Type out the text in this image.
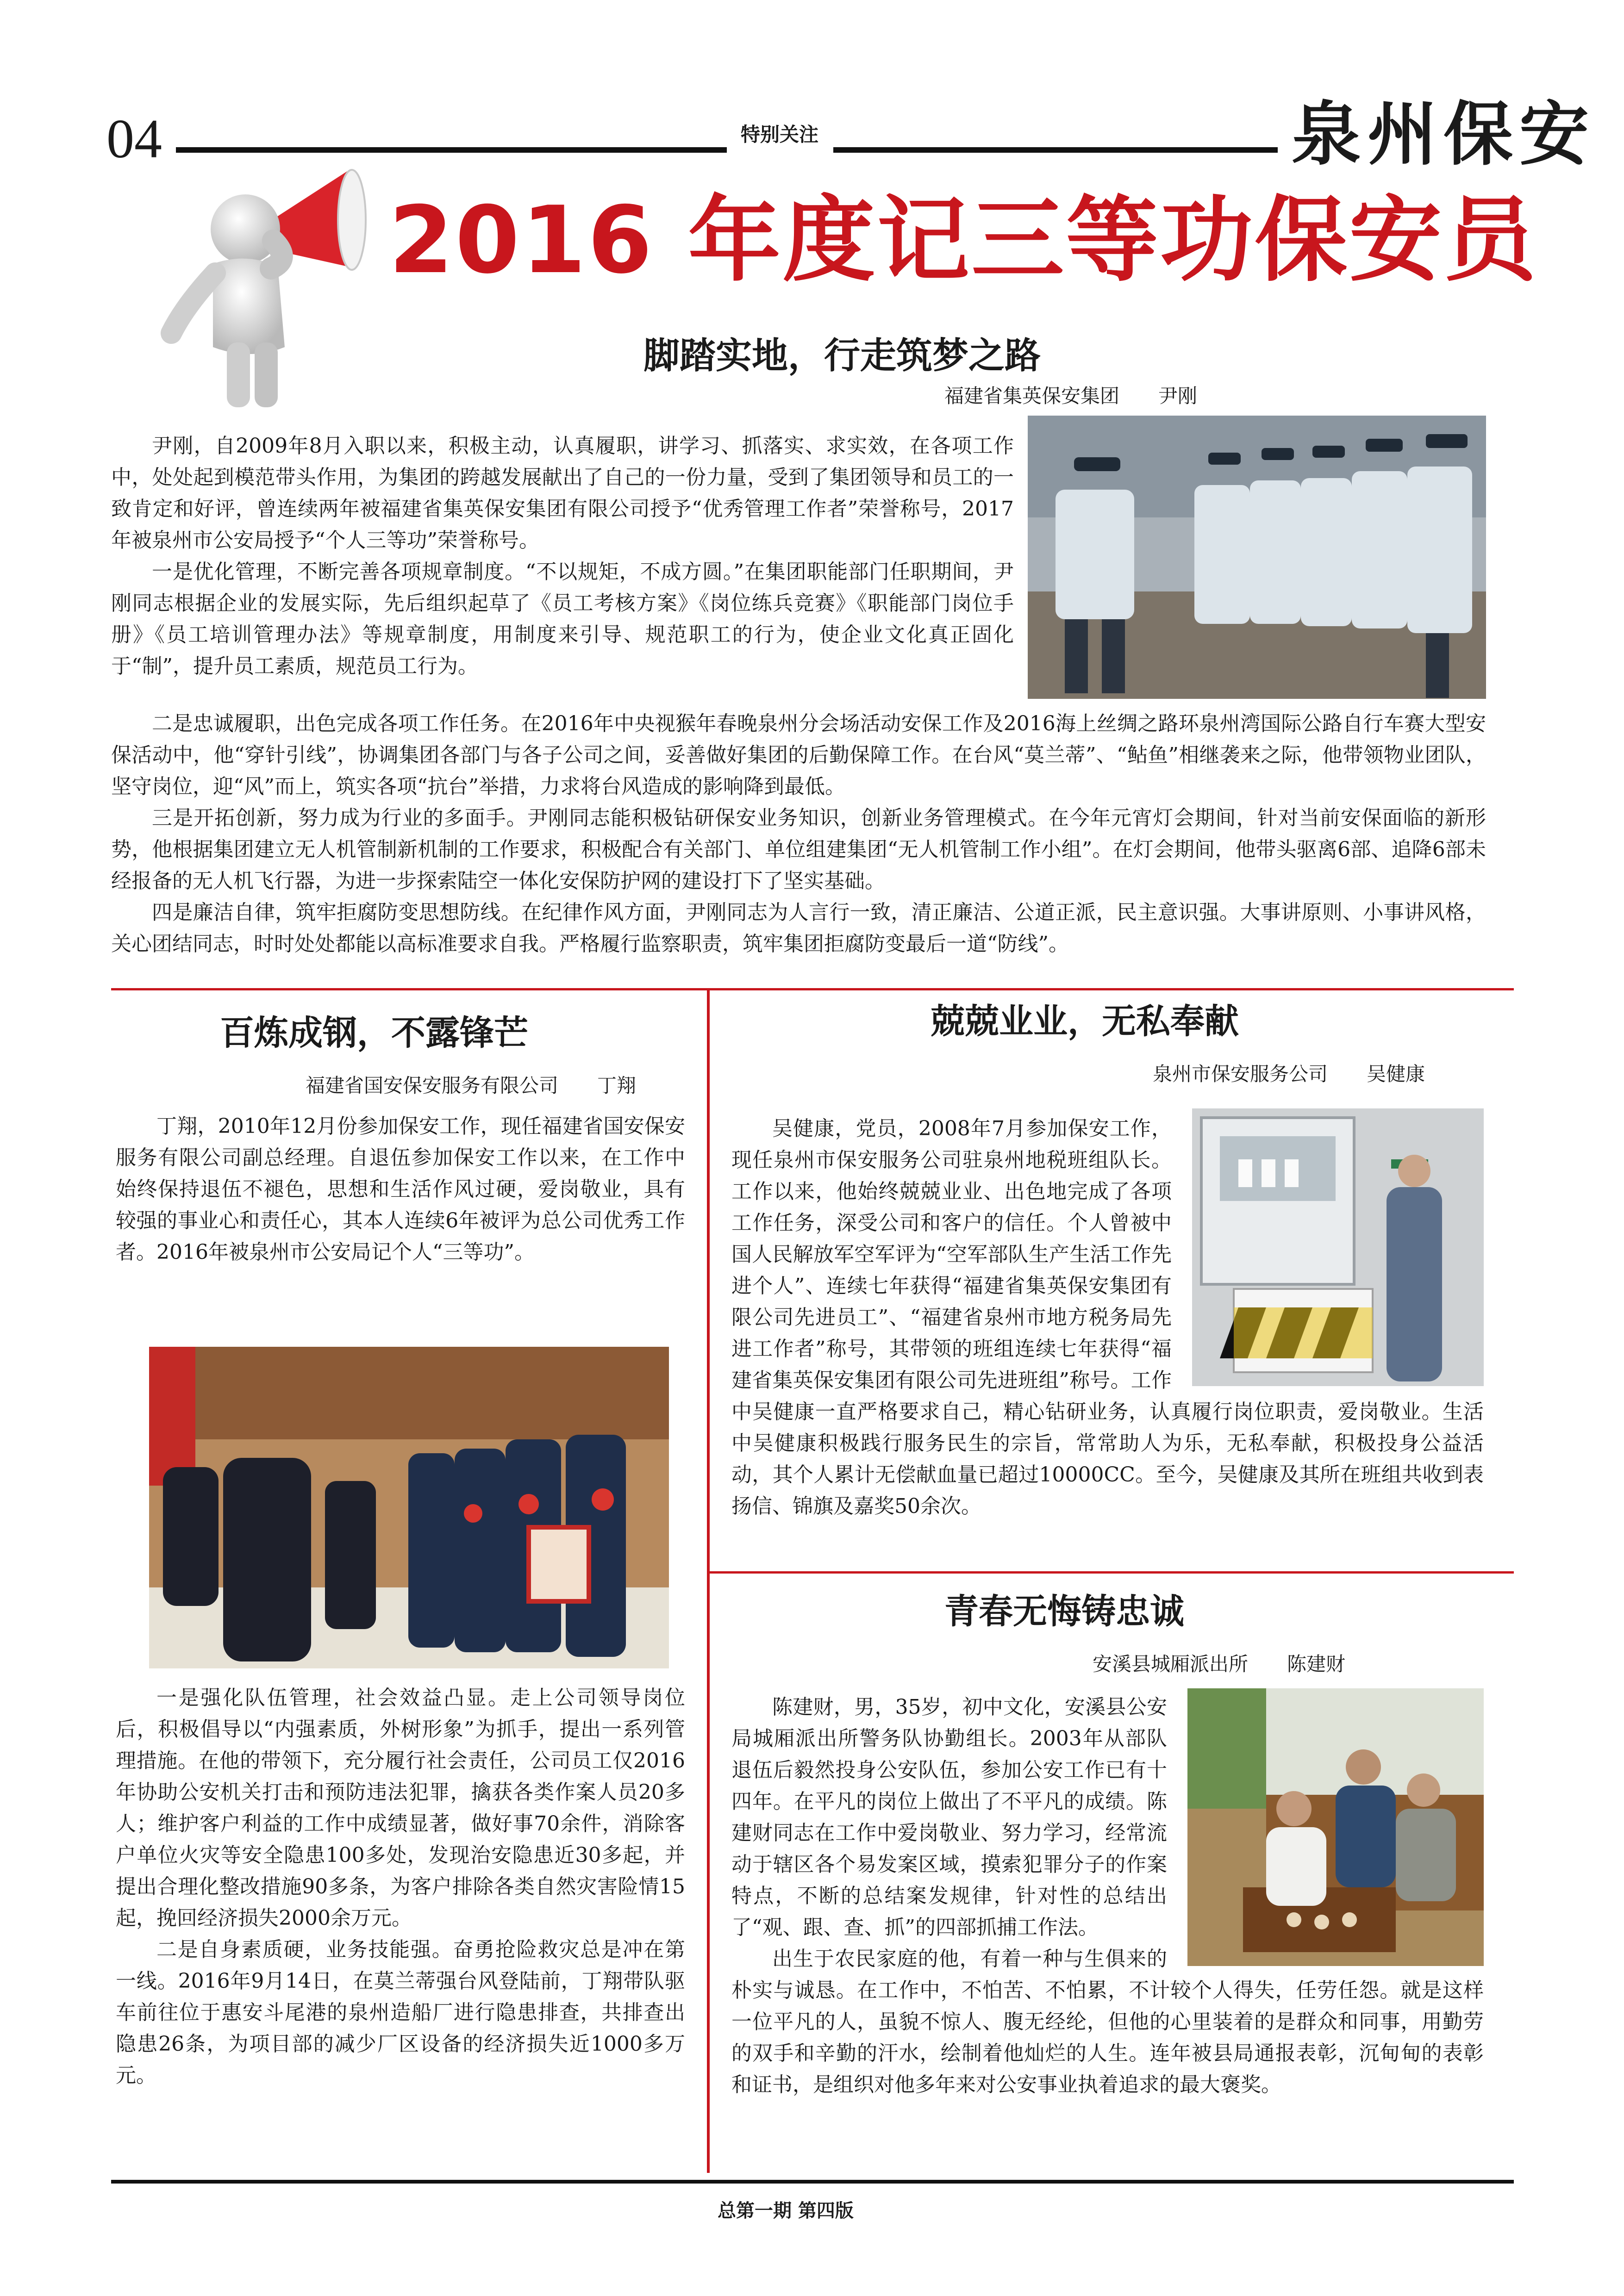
04	特别关注	泉州保安
2016 年度记三等功保安员
脚踏实地，行走筑梦之路
福建省集英保安集团　　尹刚

尹刚，自2009年8月入职以来，积极主动，认真履职，讲学习、抓落实、求实效，在各项工作中，处处起到模范带头作用，为集团的跨越发展献出了自己的一份力量，受到了集团领导和员工的一致肯定和好评，曾连续两年被福建省集英保安集团有限公司授予“优秀管理工作者”荣誉称号，2017年被泉州市公安局授予“个人三等功”荣誉称号。

一是优化管理，不断完善各项规章制度。“不以规矩，不成方圆。”在集团职能部门任职期间，尹刚同志根据企业的发展实际，先后组织起草了《员工考核方案》《岗位练兵竞赛》《职能部门岗位手册》《员工培训管理办法》等规章制度，用制度来引导、规范职工的行为，使企业文化真正固化于“制”，提升员工素质，规范员工行为。

二是忠诚履职，出色完成各项工作任务。在2016年中央视猴年春晚泉州分会场活动安保工作及2016海上丝绸之路环泉州湾国际公路自行车赛大型安保活动中，他“穿针引线”，协调集团各部门与各子公司之间，妥善做好集团的后勤保障工作。在台风“莫兰蒂”、“鲇鱼”相继袭来之际，他带领物业团队，坚守岗位，迎“风”而上，筑实各项“抗台”举措，力求将台风造成的影响降到最低。

三是开拓创新，努力成为行业的多面手。尹刚同志能积极钻研保安业务知识，创新业务管理模式。在今年元宵灯会期间，针对当前安保面临的新形势，他根据集团建立无人机管制新机制的工作要求，积极配合有关部门、单位组建集团“无人机管制工作小组”。在灯会期间，他带头驱离6部、追降6部未经报备的无人机飞行器，为进一步探索陆空一体化安保防护网的建设打下了坚实基础。

四是廉洁自律，筑牢拒腐防变思想防线。在纪律作风方面，尹刚同志为人言行一致，清正廉洁、公道正派，民主意识强。大事讲原则、小事讲风格，关心团结同志，时时处处都能以高标准要求自我。严格履行监察职责，筑牢集团拒腐防变最后一道“防线”。

百炼成钢，不露锋芒
福建省国安保安服务有限公司　　丁翔

丁翔，2010年12月份参加保安工作，现任福建省国安保安服务有限公司副总经理。自退伍参加保安工作以来，在工作中始终保持退伍不褪色，思想和生活作风过硬，爱岗敬业，具有较强的事业心和责任心，其本人连续6年被评为总公司优秀工作者。2016年被泉州市公安局记个人“三等功”。

一是强化队伍管理，社会效益凸显。走上公司领导岗位后，积极倡导以“内强素质，外树形象”为抓手，提出一系列管理措施。在他的带领下，充分履行社会责任，公司员工仅2016年协助公安机关打击和预防违法犯罪，擒获各类作案人员20多人；维护客户利益的工作中成绩显著，做好事70余件，消除客户单位火灾等安全隐患100多处，发现治安隐患近30多起，并提出合理化整改措施90多条，为客户排除各类自然灾害险情15起，挽回经济损失2000余万元。

二是自身素质硬，业务技能强。奋勇抢险救灾总是冲在第一线。2016年9月14日，在莫兰蒂强台风登陆前，丁翔带队驱车前往位于惠安斗尾港的泉州造船厂进行隐患排查，共排查出隐患26条，为项目部的减少厂区设备的经济损失近1000多万元。

兢兢业业，无私奉献
泉州市保安服务公司　　吴健康

吴健康，党员，2008年7月参加保安工作，现任泉州市保安服务公司驻泉州地税班组队长。工作以来，他始终兢兢业业、出色地完成了各项工作任务，深受公司和客户的信任。个人曾被中国人民解放军空军评为“空军部队生产生活工作先进个人”、连续七年获得“福建省集英保安集团有限公司先进员工”、“福建省泉州市地方税务局先进工作者”称号，其带领的班组连续七年获得“福建省集英保安集团有限公司先进班组”称号。工作中吴健康一直严格要求自己，精心钻研业务，认真履行岗位职责，爱岗敬业。生活中吴健康积极践行服务民生的宗旨，常常助人为乐，无私奉献，积极投身公益活动，其个人累计无偿献血量已超过10000CC。至今，吴健康及其所在班组共收到表扬信、锦旗及嘉奖50余次。

青春无悔铸忠诚
安溪县城厢派出所　　陈建财

陈建财，男，35岁，初中文化，安溪县公安局城厢派出所警务队协勤组长。2003年从部队退伍后毅然投身公安队伍，参加公安工作已有十四年。在平凡的岗位上做出了不平凡的成绩。陈建财同志在工作中爱岗敬业、努力学习，经常流动于辖区各个易发案区域，摸索犯罪分子的作案特点，不断的总结案发规律，针对性的总结出了“观、跟、查、抓”的四部抓捕工作法。

出生于农民家庭的他，有着一种与生俱来的朴实与诚恳。在工作中，不怕苦、不怕累，不计较个人得失，任劳任怨。就是这样一位平凡的人，虽貌不惊人、腹无经纶，但他的心里装着的是群众和同事，用勤劳的双手和辛勤的汗水，绘制着他灿烂的人生。连年被县局通报表彰，沉甸甸的表彰和证书，是组织对他多年来对公安事业执着追求的最大褒奖。

总第一期 第四版
